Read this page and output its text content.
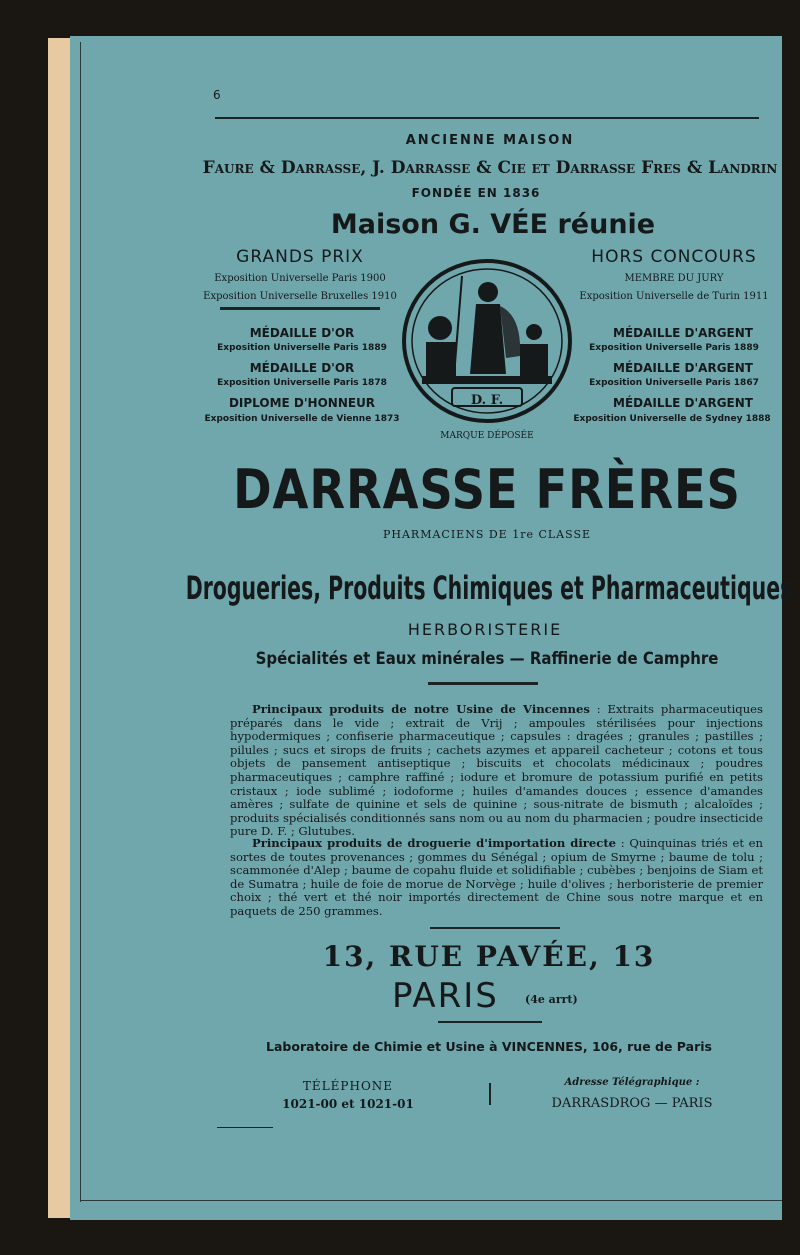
6
ANCIENNE MAISON
Faure & Darrasse, J. Darrasse & Cie et Darrasse Fres & Landrin
FONDÉE EN 1836
Maison G. VÉE réunie
GRANDS PRIX
Exposition Universelle Paris 1900
Exposition Universelle Bruxelles 1910
MÉDAILLE D'OR
Exposition Universelle Paris 1889
MÉDAILLE D'OR
Exposition Universelle Paris 1878
DIPLOME D'HONNEUR
Exposition Universelle de Vienne 1873
HORS CONCOURS
MEMBRE DU JURY
Exposition Universelle de Turin 1911
MÉDAILLE D'ARGENT
Exposition Universelle Paris 1889
MÉDAILLE D'ARGENT
Exposition Universelle Paris 1867
MÉDAILLE D'ARGENT
Exposition Universelle de Sydney 1888
D. F.
MARQUE DÉPOSÉE
DARRASSE FRÈRES
PHARMACIENS DE 1re CLASSE
Drogueries, Produits Chimiques et Pharmaceutiques
HERBORISTERIE
Spécialités et Eaux minérales — Raffinerie de Camphre
Principaux produits de notre Usine de Vincennes : Extraits pharmaceutiques préparés dans le vide ; extrait de Vrij ; ampoules stérilisées pour injections hypodermiques ; confiserie pharmaceutique ; capsules : dragées ; granules ; pastilles ; pilules ; sucs et sirops de fruits ; cachets azymes et appareil cacheteur ; cotons et tous objets de pansement antiseptique ; biscuits et chocolats médicinaux ; poudres pharmaceutiques ; camphre raffiné ; iodure et bromure de potassium purifié en petits cristaux ; iode sublimé ; iodoforme ; huiles d'amandes douces ; essence d'amandes amères ; sulfate de quinine et sels de quinine ; sous-nitrate de bismuth ; alcaloïdes ; produits spécialisés conditionnés sans nom ou au nom du pharmacien ; poudre insecticide pure D. F. ; Glutubes.
Principaux produits de droguerie d'importation directe : Quinquinas triés et en sortes de toutes provenances ; gommes du Sénégal ; opium de Smyrne ; baume de tolu ; scammonée d'Alep ; baume de copahu fluide et solidifiable ; cubèbes ; benjoins de Siam et de Sumatra ; huile de foie de morue de Norvège ; huile d'olives ; herboristerie de premier choix ; thé vert et thé noir importés directement de Chine sous notre marque et en paquets de 250 grammes.
13, RUE PAVÉE, 13
PARIS (4e arrt)
Laboratoire de Chimie et Usine à VINCENNES, 106, rue de Paris
TÉLÉPHONE
1021-00 et 1021-01
Adresse Télégraphique :
DARRASDROG — PARIS
